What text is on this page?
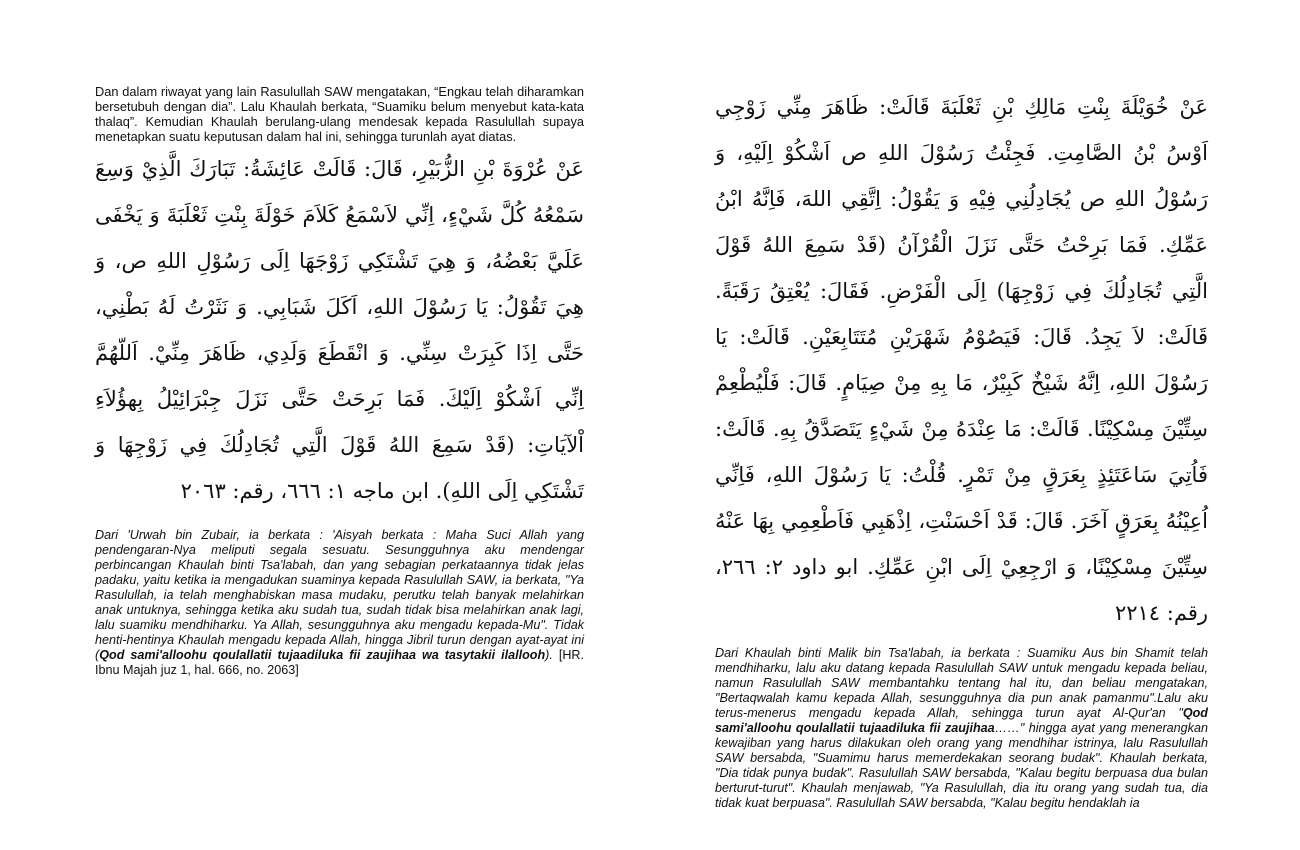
Dan dalam riwayat yang lain Rasulullah SAW mengatakan, “Engkau telah diharamkan bersetubuh dengan dia”. Lalu Khaulah berkata, “Suamiku belum menyebut kata-kata thalaq”. Kemudian Khaulah berulang-ulang mendesak kepada Rasulullah supaya menetapkan suatu keputusan dalam hal ini, sehingga turunlah ayat diatas.

عَنْ عُرْوَةَ بْنِ الزُّبَيْرِ، قَالَ: قَالَتْ عَائِشَةُ: تَبَارَكَ الَّذِيْ وَسِعَ سَمْعُهُ كُلَّ شَيْءٍ، اِنِّي لاَسْمَعُ كَلاَمَ خَوْلَةَ بِنْتِ ثَعْلَبَةَ وَ يَخْفَى عَلَيَّ بَعْضُهُ، وَ هِيَ تَشْتَكِي زَوْجَهَا اِلَى رَسُوْلِ اللهِ ص، وَ هِيَ تَقُوْلُ: يَا رَسُوْلَ اللهِ، اَكَلَ شَبَابِي. وَ نَثَرْتُ لَهُ بَطْنِي، حَتَّى اِذَا كَبِرَتْ سِنِّي. وَ انْقَطَعَ وَلَدِي، ظَاهَرَ مِنِّيْ. اَللّهُمَّ اِنِّي اَشْكُوْ اِلَيْكَ. فَمَا بَرِحَتْ حَتَّى نَزَلَ جِبْرَائِيْلُ بِهؤُلاَءِ اْلآيَاتِ: (قَدْ سَمِعَ اللهُ قَوْلَ الَّتِي تُجَادِلُكَ فِي زَوْجِهَا وَ تَشْتَكِي اِلَى اللهِ). ابن ماجه ١: ٦٦٦، رقم: ٢٠٦٣

Dari 'Urwah bin Zubair, ia berkata : 'Aisyah berkata : Maha Suci Allah yang pendengaran-Nya meliputi segala sesuatu. Sesungguhnya aku mendengar perbincangan Khaulah binti Tsa'labah, dan yang sebagian perkataannya tidak jelas padaku, yaitu ketika ia mengadukan suaminya kepada Rasulullah SAW, ia berkata, "Ya Rasulullah, ia telah menghabiskan masa mudaku, perutku telah banyak melahirkan anak untuknya, sehingga ketika aku sudah tua, sudah tidak bisa melahirkan anak lagi, lalu suamiku mendhiharku. Ya Allah, sesungguhnya aku mengadu kepada-Mu". Tidak henti-hentinya Khaulah mengadu kepada Allah, hingga Jibril turun dengan ayat-ayat ini (Qod sami'alloohu qoulallatii tujaadiluka fii zaujihaa wa tasytakii ilallooh). [HR. Ibnu Majah juz 1, hal. 666, no. 2063]

عَنْ خُوَيْلَةَ بِنْتِ مَالِكِ بْنِ ثَعْلَبَةَ قَالَتْ: ظَاهَرَ مِنِّي زَوْجِي اَوْسُ بْنُ الصَّامِتِ. فَجِئْتُ رَسُوْلَ اللهِ ص اَشْكُوْ اِلَيْهِ، وَ رَسُوْلُ اللهِ ص يُجَادِلُنِي فِيْهِ وَ يَقُوْلُ: اِتَّقِي اللهَ، فَاِنَّهُ ابْنُ عَمِّكِ. فَمَا بَرِحْتُ حَتَّى نَزَلَ الْقُرْآنُ (قَدْ سَمِعَ اللهُ قَوْلَ الَّتِي تُجَادِلُكَ فِي زَوْجِهَا) اِلَى الْفَرْضِ. فَقَالَ: يُعْتِقُ رَقَبَةً. قَالَتْ: لاَ يَجِدُ. قَالَ: فَيَصُوْمُ شَهْرَيْنِ مُتَتَابِعَيْنِ. قَالَتْ: يَا رَسُوْلَ اللهِ، اِنَّهُ شَيْخٌ كَبِيْرٌ، مَا بِهِ مِنْ صِيَامٍ. قَالَ: فَلْيُطْعِمْ سِتِّيْنَ مِسْكِيْنًا. قَالَتْ: مَا عِنْدَهُ مِنْ شَيْءٍ يَتَصَدَّقُ بِهِ. قَالَتْ: فَاُتِيَ سَاعَتَئِذٍ بِعَرَقٍ مِنْ تَمْرٍ. قُلْتُ: يَا رَسُوْلَ اللهِ، فَاِنِّي اُعِيْنُهُ بِعَرَقٍ آخَرَ. قَالَ: قَدْ اَحْسَنْتِ، اِذْهَبِي فَاَطْعِمِي بِهَا عَنْهُ سِتِّيْنَ مِسْكِيْنًا، وَ ارْجِعِيْ اِلَى ابْنِ عَمِّكِ. ابو داود ٢: ٢٦٦، رقم: ٢٢١٤

Dari Khaulah binti Malik bin Tsa'labah, ia berkata : Suamiku Aus bin Shamit telah mendhiharku, lalu aku datang kepada Rasulullah SAW untuk mengadu kepada beliau, namun Rasulullah SAW membantahku tentang hal itu, dan beliau mengatakan, "Bertaqwalah kamu kepada Allah, sesungguhnya dia pun anak pamanmu".Lalu aku terus-menerus mengadu kepada Allah, sehingga turun ayat Al-Qur'an "Qod sami'alloohu qoulallatii tujaadiluka fii zaujihaa……" hingga ayat yang menerangkan kewajiban yang harus dilakukan oleh orang yang mendhihar istrinya, lalu Rasulullah SAW bersabda, "Suamimu harus memerdekakan seorang budak". Khaulah berkata, "Dia tidak punya budak". Rasulullah SAW bersabda, "Kalau begitu berpuasa dua bulan berturut-turut". Khaulah menjawab, "Ya Rasulullah, dia itu orang yang sudah tua, dia tidak kuat berpuasa". Rasulullah SAW bersabda, "Kalau begitu hendaklah ia
